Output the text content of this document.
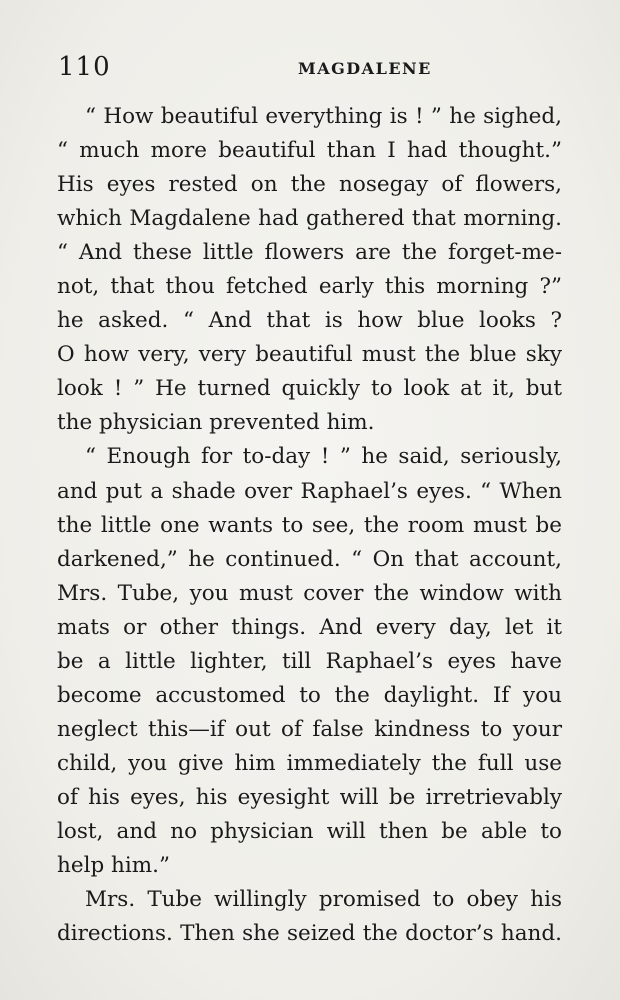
110	MAGDALENE
“ How beautiful everything is ! ” he sighed,
“ much more beautiful than I had thought.”
His eyes rested on the nosegay of flowers,
which Magdalene had gathered that morning.
“ And these little flowers are the forget-me-
not, that thou fetched early this morning ?”
he asked. “ And that is how blue looks ?
O how very, very beautiful must the blue sky
look ! ” He turned quickly to look at it, but
the physician prevented him.
“ Enough for to-day ! ” he said, seriously,
and put a shade over Raphael’s eyes. “ When
the little one wants to see, the room must be
darkened,” he continued. “ On that account,
Mrs. Tube, you must cover the window with
mats or other things. And every day, let it
be a little lighter, till Raphael’s eyes have
become accustomed to the daylight. If you
neglect this—if out of false kindness to your
child, you give him immediately the full use
of his eyes, his eyesight will be irretrievably
lost, and no physician will then be able to
help him.”
Mrs. Tube willingly promised to obey his
directions. Then she seized the doctor’s hand.
